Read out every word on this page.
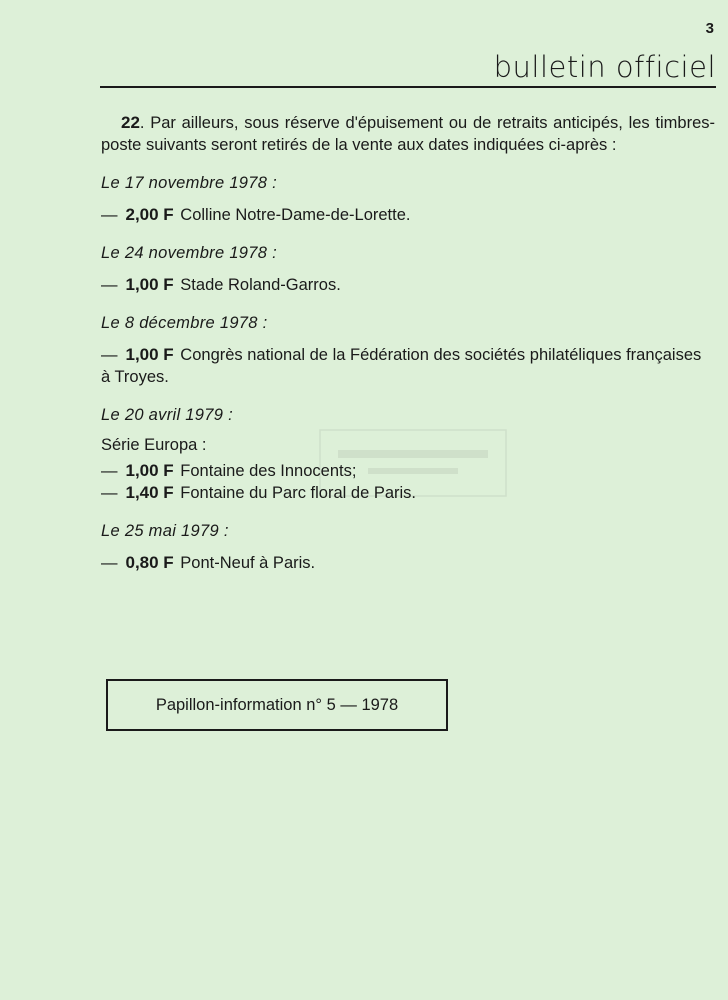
3
bulletin officiel

22. Par ailleurs, sous réserve d'épuisement ou de retraits anticipés, les timbres-poste suivants seront retirés de la vente aux dates indiquées ci-après :

Le 17 novembre 1978 :

— 2,00 F Colline Notre-Dame-de-Lorette.

Le 24 novembre 1978 :

— 1,00 F Stade Roland-Garros.

Le 8 décembre 1978 :

— 1,00 F Congrès national de la Fédération des sociétés philatéliques françaises à Troyes.

Le 20 avril 1979 :

Série Europa :

— 1,00 F Fontaine des Innocents;

— 1,40 F Fontaine du Parc floral de Paris.

Le 25 mai 1979 :

— 0,80 F Pont-Neuf à Paris.

Papillon-information n° 5 — 1978
